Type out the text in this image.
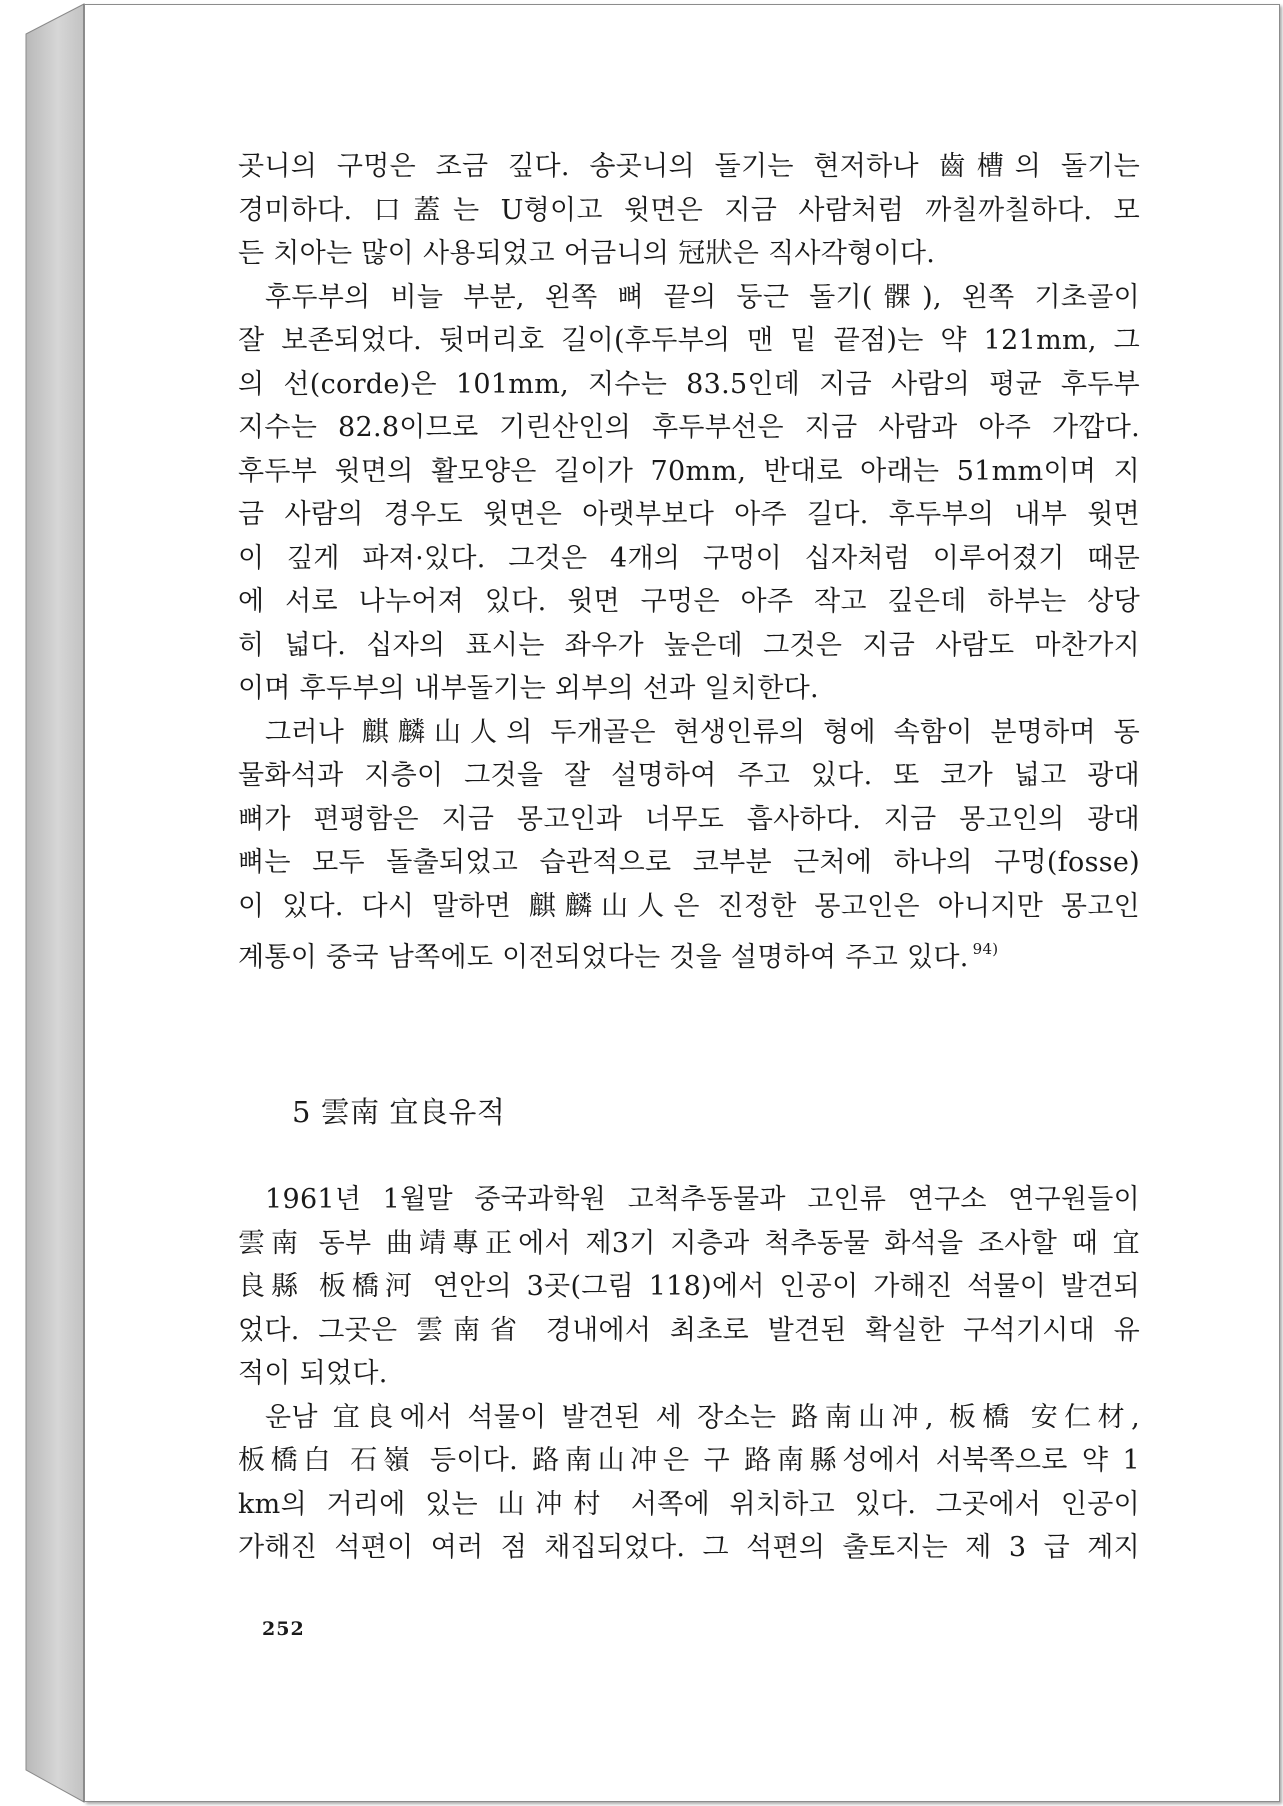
곳니의 구멍은 조금 깊다. 송곳니의 돌기는 현저하나 齒槽의 돌기는
경미하다. 口蓋는 U형이고 윗면은 지금 사람처럼 까칠까칠하다. 모
든 치아는 많이 사용되었고 어금니의 冠狀은 직사각형이다.
후두부의 비늘 부분, 왼쪽 뼈 끝의 둥근 돌기(髁), 왼쪽 기초골이
잘 보존되었다. 뒷머리호 길이(후두부의 맨 밑 끝점)는 약 121mm, 그
의 선(corde)은 101mm, 지수는 83.5인데 지금 사람의 평균 후두부
지수는 82.8이므로 기린산인의 후두부선은 지금 사람과 아주 가깝다.
후두부 윗면의 활모양은 길이가 70mm, 반대로 아래는 51mm이며 지
금 사람의 경우도 윗면은 아랫부보다 아주 길다. 후두부의 내부 윗면
이 깊게 파져·있다. 그것은 4개의 구멍이 십자처럼 이루어졌기 때문
에 서로 나누어져 있다. 윗면 구멍은 아주 작고 깊은데 하부는 상당
히 넓다. 십자의 표시는 좌우가 높은데 그것은 지금 사람도 마찬가지
이며 후두부의 내부돌기는 외부의 선과 일치한다.
그러나 麒麟山人의 두개골은 현생인류의 형에 속함이 분명하며 동
물화석과 지층이 그것을 잘 설명하여 주고 있다. 또 코가 넓고 광대
뼈가 편평함은 지금 몽고인과 너무도 흡사하다. 지금 몽고인의 광대
뼈는 모두 돌출되었고 습관적으로 코부분 근처에 하나의 구멍(fosse)
이 있다. 다시 말하면 麒麟山人은 진정한 몽고인은 아니지만 몽고인
계통이 중국 남쪽에도 이전되었다는 것을 설명하여 주고 있다. $^{94)}$
5 雲南 宜良유적
1961년 1월말 중국과학원 고척추동물과 고인류 연구소 연구원들이
雲南 동부 曲靖專正에서 제3기 지층과 척추동물 화석을 조사할 때 宜
良縣 板橋河 연안의 3곳(그림 118)에서 인공이 가해진 석물이 발견되
었다. 그곳은 雲南省 경내에서 최초로 발견된 확실한 구석기시대 유
적이 되었다.
운남 宜良에서 석물이 발견된 세 장소는 路南山冲, 板橋 安仁材,
板橋白 石嶺 등이다. 路南山冲은 구 路南縣성에서 서북쪽으로 약 1
km의 거리에 있는 山冲村 서쪽에 위치하고 있다. 그곳에서 인공이
가해진 석편이 여러 점 채집되었다. 그 석편의 출토지는 제 3 급 계지
252
